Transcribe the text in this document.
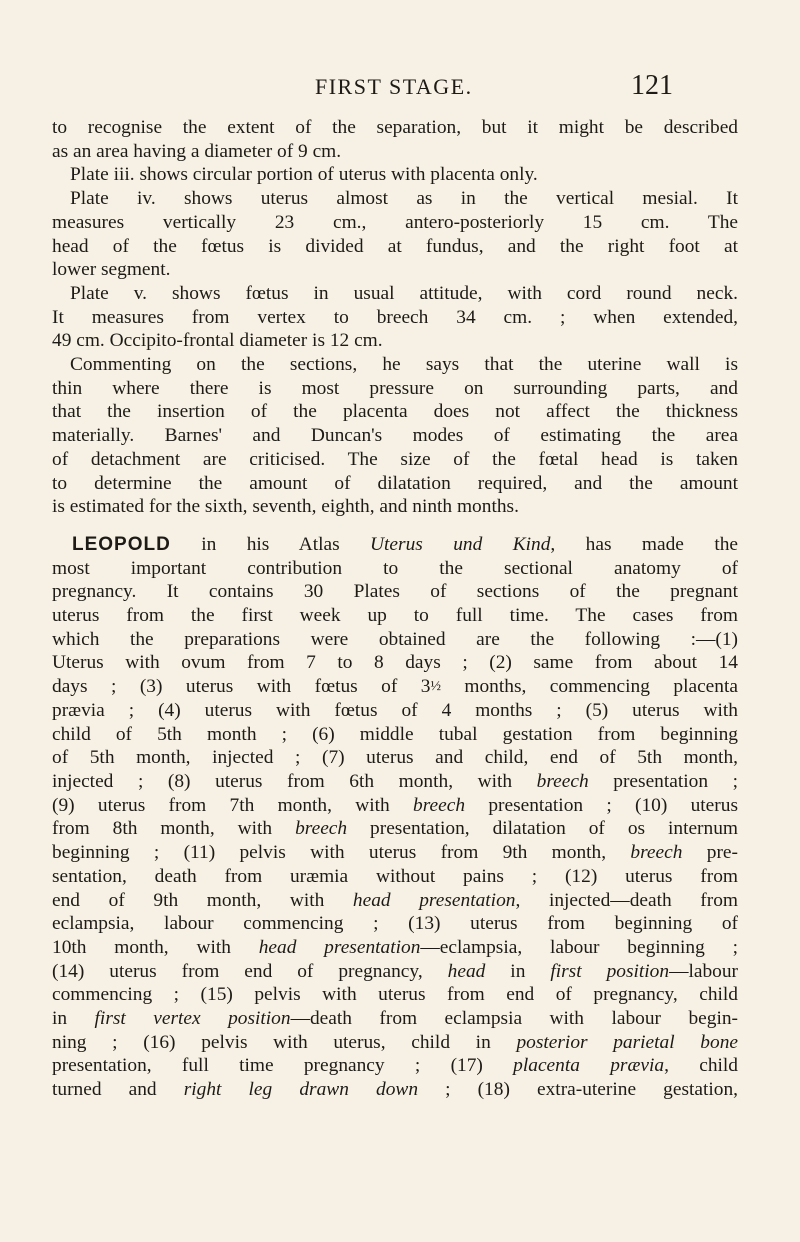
FIRST STAGE.	121
to recognise the extent of the separation, but it might be described
as an area having a diameter of 9 cm.
Plate iii. shows circular portion of uterus with placenta only.
Plate iv. shows uterus almost as in the vertical mesial. It
measures vertically 23 cm., antero-posteriorly 15 cm. The
head of the fœtus is divided at fundus, and the right foot at
lower segment.
Plate v. shows fœtus in usual attitude, with cord round neck.
It measures from vertex to breech 34 cm. ; when extended,
49 cm. Occipito-frontal diameter is 12 cm.
Commenting on the sections, he says that the uterine wall is
thin where there is most pressure on surrounding parts, and
that the insertion of the placenta does not affect the thickness
materially. Barnes' and Duncan's modes of estimating the area
of detachment are criticised. The size of the fœtal head is taken
to determine the amount of dilatation required, and the amount
is estimated for the sixth, seventh, eighth, and ninth months.
LEOPOLD in his Atlas Uterus und Kind, has made the
most important contribution to the sectional anatomy of
pregnancy. It contains 30 Plates of sections of the pregnant
uterus from the first week up to full time. The cases from
which the preparations were obtained are the following :—(1)
Uterus with ovum from 7 to 8 days ; (2) same from about 14
days ; (3) uterus with fœtus of 3½ months, commencing placenta
prævia ; (4) uterus with fœtus of 4 months ; (5) uterus with
child of 5th month ; (6) middle tubal gestation from beginning
of 5th month, injected ; (7) uterus and child, end of 5th month,
injected ; (8) uterus from 6th month, with breech presentation ;
(9) uterus from 7th month, with breech presentation ; (10) uterus
from 8th month, with breech presentation, dilatation of os internum
beginning ; (11) pelvis with uterus from 9th month, breech pre-
sentation, death from uræmia without pains ; (12) uterus from
end of 9th month, with head presentation, injected—death from
eclampsia, labour commencing ; (13) uterus from beginning of
10th month, with head presentation—eclampsia, labour beginning ;
(14) uterus from end of pregnancy, head in first position—labour
commencing ; (15) pelvis with uterus from end of pregnancy, child
in first vertex position—death from eclampsia with labour begin-
ning ; (16) pelvis with uterus, child in posterior parietal bone
presentation, full time pregnancy ; (17) placenta prævia, child
turned and right leg drawn down ; (18) extra-uterine gestation,
